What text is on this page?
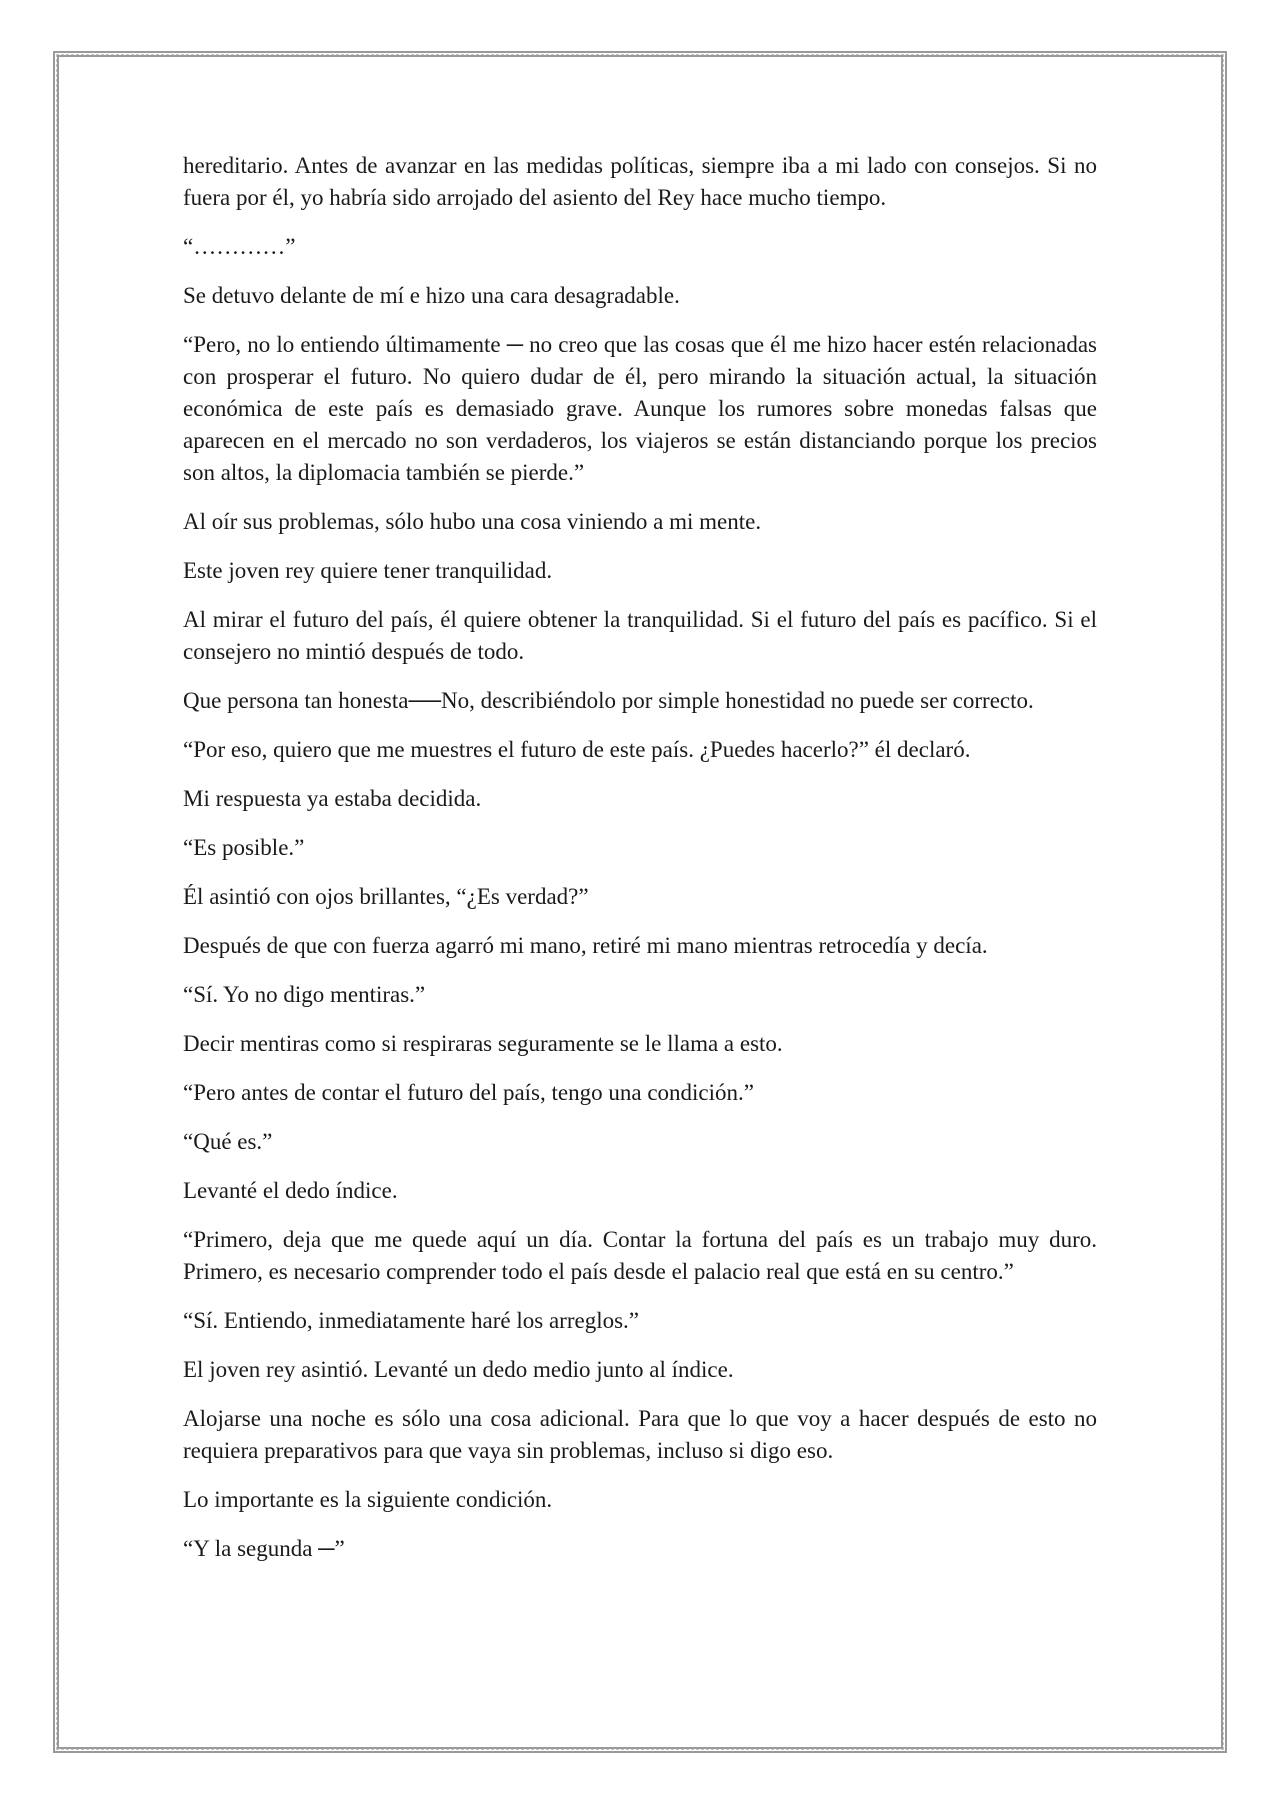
hereditario. Antes de avanzar en las medidas políticas, siempre iba a mi lado con consejos. Si no fuera por él, yo habría sido arrojado del asiento del Rey hace mucho tiempo.

“…………”

Se detuvo delante de mí e hizo una cara desagradable.

“Pero, no lo entiendo últimamente ─ no creo que las cosas que él me hizo hacer estén relacionadas con prosperar el futuro. No quiero dudar de él, pero mirando la situación actual, la situación económica de este país es demasiado grave. Aunque los rumores sobre monedas falsas que aparecen en el mercado no son verdaderos, los viajeros se están distanciando porque los precios son altos, la diplomacia también se pierde.”

Al oír sus problemas, sólo hubo una cosa viniendo a mi mente.

Este joven rey quiere tener tranquilidad.

Al mirar el futuro del país, él quiere obtener la tranquilidad. Si el futuro del país es pacífico. Si el consejero no mintió después de todo.

Que persona tan honesta──No, describiéndolo por simple honestidad no puede ser correcto.

“Por eso, quiero que me muestres el futuro de este país. ¿Puedes hacerlo?” él declaró.

Mi respuesta ya estaba decidida.

“Es posible.”

Él asintió con ojos brillantes, “¿Es verdad?”

Después de que con fuerza agarró mi mano, retiré mi mano mientras retrocedía y decía.

“Sí. Yo no digo mentiras.”

Decir mentiras como si respiraras seguramente se le llama a esto.

“Pero antes de contar el futuro del país, tengo una condición.”

“Qué es.”

Levanté el dedo índice.

“Primero, deja que me quede aquí un día. Contar la fortuna del país es un trabajo muy duro. Primero, es necesario comprender todo el país desde el palacio real que está en su centro.”

“Sí. Entiendo, inmediatamente haré los arreglos.”

El joven rey asintió. Levanté un dedo medio junto al índice.

Alojarse una noche es sólo una cosa adicional. Para que lo que voy a hacer después de esto no requiera preparativos para que vaya sin problemas, incluso si digo eso.

Lo importante es la siguiente condición.

“Y la segunda ─”
